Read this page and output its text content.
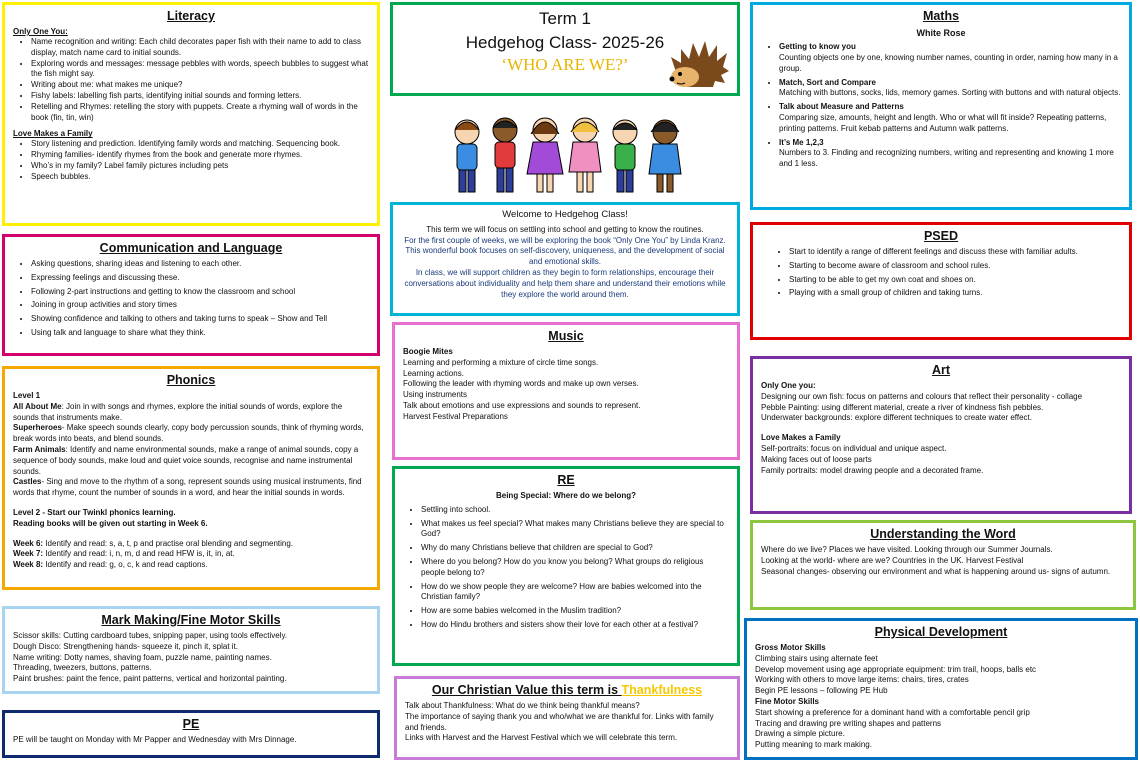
Literacy
Only One You:
• Name recognition and writing: Each child decorates paper fish with their name to add to class display, match name card to initial sounds.
• Exploring words and messages: message pebbles with words, speech bubbles to suggest what the fish might say.
• Writing about me: what makes me unique?
• Fishy labels: labelling fish parts, identifying initial sounds and forming letters.
• Retelling and Rhymes: retelling the story with puppets. Create a rhyming wall of words in the book (fin, tin, win)
Love Makes a Family
• Story listening and prediction. Identifying family words and matching. Sequencing book.
• Rhyming families- identify rhymes from the book and generate more rhymes.
• Who’s in my family? Label family pictures including pets
• Speech bubbles.
Communication and Language
• Asking questions, sharing ideas and listening to each other.
• Expressing feelings and discussing these.
• Following 2-part instructions and getting to know the classroom and school
• Joining in group activities and story times
• Showing confidence and talking to others and taking turns to speak – Show and Tell
• Using talk and language to share what they think.
Phonics

Level 1

All About Me: Join in with songs and rhymes, explore the initial sounds of words, explore the sounds that instruments make.

Superheroes- Make speech sounds clearly, copy body percussion sounds, think of rhyming words, break words into beats, and blend sounds.

Farm Animals: Identify and name environmental sounds, make a range of animal sounds, copy a sequence of body sounds, make loud and quiet voice sounds, recognise and name instrumental sounds.

Castles- Sing and move to the rhythm of a song, represent sounds using musical instruments, find words that rhyme, count the number of sounds in a word, and hear the initial sounds in words.

Level 2 - Start our Twinkl phonics learning.

Reading books will be given out starting in Week 6.

Week 6: Identify and read: s, a, t, p and practise oral blending and segmenting.

Week 7: Identify and read: i, n, m, d and read HFW is, it, in, at.

Week 8: Identify and read: g, o, c, k and read captions.

Mark Making/Fine Motor Skills

Scissor skills: Cutting cardboard tubes, snipping paper, using tools effectively.

Dough Disco: Strengthening hands- squeeze it, pinch it, splat it.

Name writing: Dotty names, shaving foam, puzzle name, painting names.

Threading, tweezers, buttons, patterns.

Paint brushes: paint the fence, paint patterns, vertical and horizontal painting.

PE

PE will be taught on Monday with Mr Papper and Wednesday with Mrs Dinnage.

Term 1
Hedgehog Class- 2025-26
‘WHO ARE WE?’

Welcome to Hedgehog Class!

This term we will focus on settling into school and getting to know the routines.

For the first couple of weeks, we will be exploring the book “Only One You” by Linda Kranz. This wonderful book focuses on self-discovery, uniqueness, and the development of social and emotional skills.

In class, we will support children as they begin to form relationships, encourage their conversations about individuality and help them share and understand their emotions while they explore the world around them.

Music

Boogie Mites

Learning and performing a mixture of circle time songs.

Learning actions.

Following the leader with rhyming words and make up own verses.

Using instruments

Talk about emotions and use expressions and sounds to represent.

Harvest Festival Preparations

RE

Being Special: Where do we belong?

• Settling into school.
• What makes us feel special? What makes many Christians believe they are special to God?
• Why do many Christians believe that children are special to God?
• Where do you belong? How do you know you belong? What groups do religious people belong to?
• How do we show people they are welcome? How are babies welcomed into the Christian family?
• How are some babies welcomed in the Muslim tradition?
• How do Hindu brothers and sisters show their love for each other at a festival?
Our Christian Value this term is Thankfulness

Talk about Thankfulness: What do we think being thankful means?

The importance of saying thank you and who/what we are thankful for. Links with family and friends.

Links with Harvest and the Harvest Festival which we will celebrate this term.

Maths

White Rose

• Getting to know you

Counting objects one by one, knowing number names, counting in order, naming how many in a group.

• Match, Sort and Compare

Matching with buttons, socks, lids, memory games. Sorting with buttons and with natural objects.

• Talk about Measure and Patterns

Comparing size, amounts, height and length. Who or what will fit inside? Repeating patterns, printing patterns. Fruit kebab patterns and Autumn walk patterns.

• It’s Me 1,2,3

Numbers to 3. Finding and recognizing numbers, writing and representing and knowing 1 more and 1 less.

PSED
• Start to identify a range of different feelings and discuss these with familiar adults.
• Starting to become aware of classroom and school rules.
• Starting to be able to get my own coat and shoes on.
• Playing with a small group of children and taking turns.
Art

Only One you:

Designing our own fish: focus on patterns and colours that reflect their personality - collage

Pebble Painting: using different material, create a river of kindness fish pebbles.

Underwater backgrounds: explore different techniques to create water effect.

Love Makes a Family

Self-portraits: focus on individual and unique aspect.

Making faces out of loose parts

Family portraits: model drawing people and a decorated frame.

Understanding the Word

Where do we live? Places we have visited. Looking through our Summer Journals.

Looking at the world- where are we? Countries in the UK. Harvest Festival

Seasonal changes- observing our environment and what is happening around us- signs of autumn.

Physical Development

Gross Motor Skills

Climbing stairs using alternate feet

Develop movement using age appropriate equipment: trim trail, hoops, balls etc

Working with others to move large items: chairs, tires, crates

Begin PE lessons – following PE Hub

Fine Motor Skills

Start showing a preference for a dominant hand with a comfortable pencil grip

Tracing and drawing pre writing shapes and patterns

Drawing a simple picture.

Putting meaning to mark making.
